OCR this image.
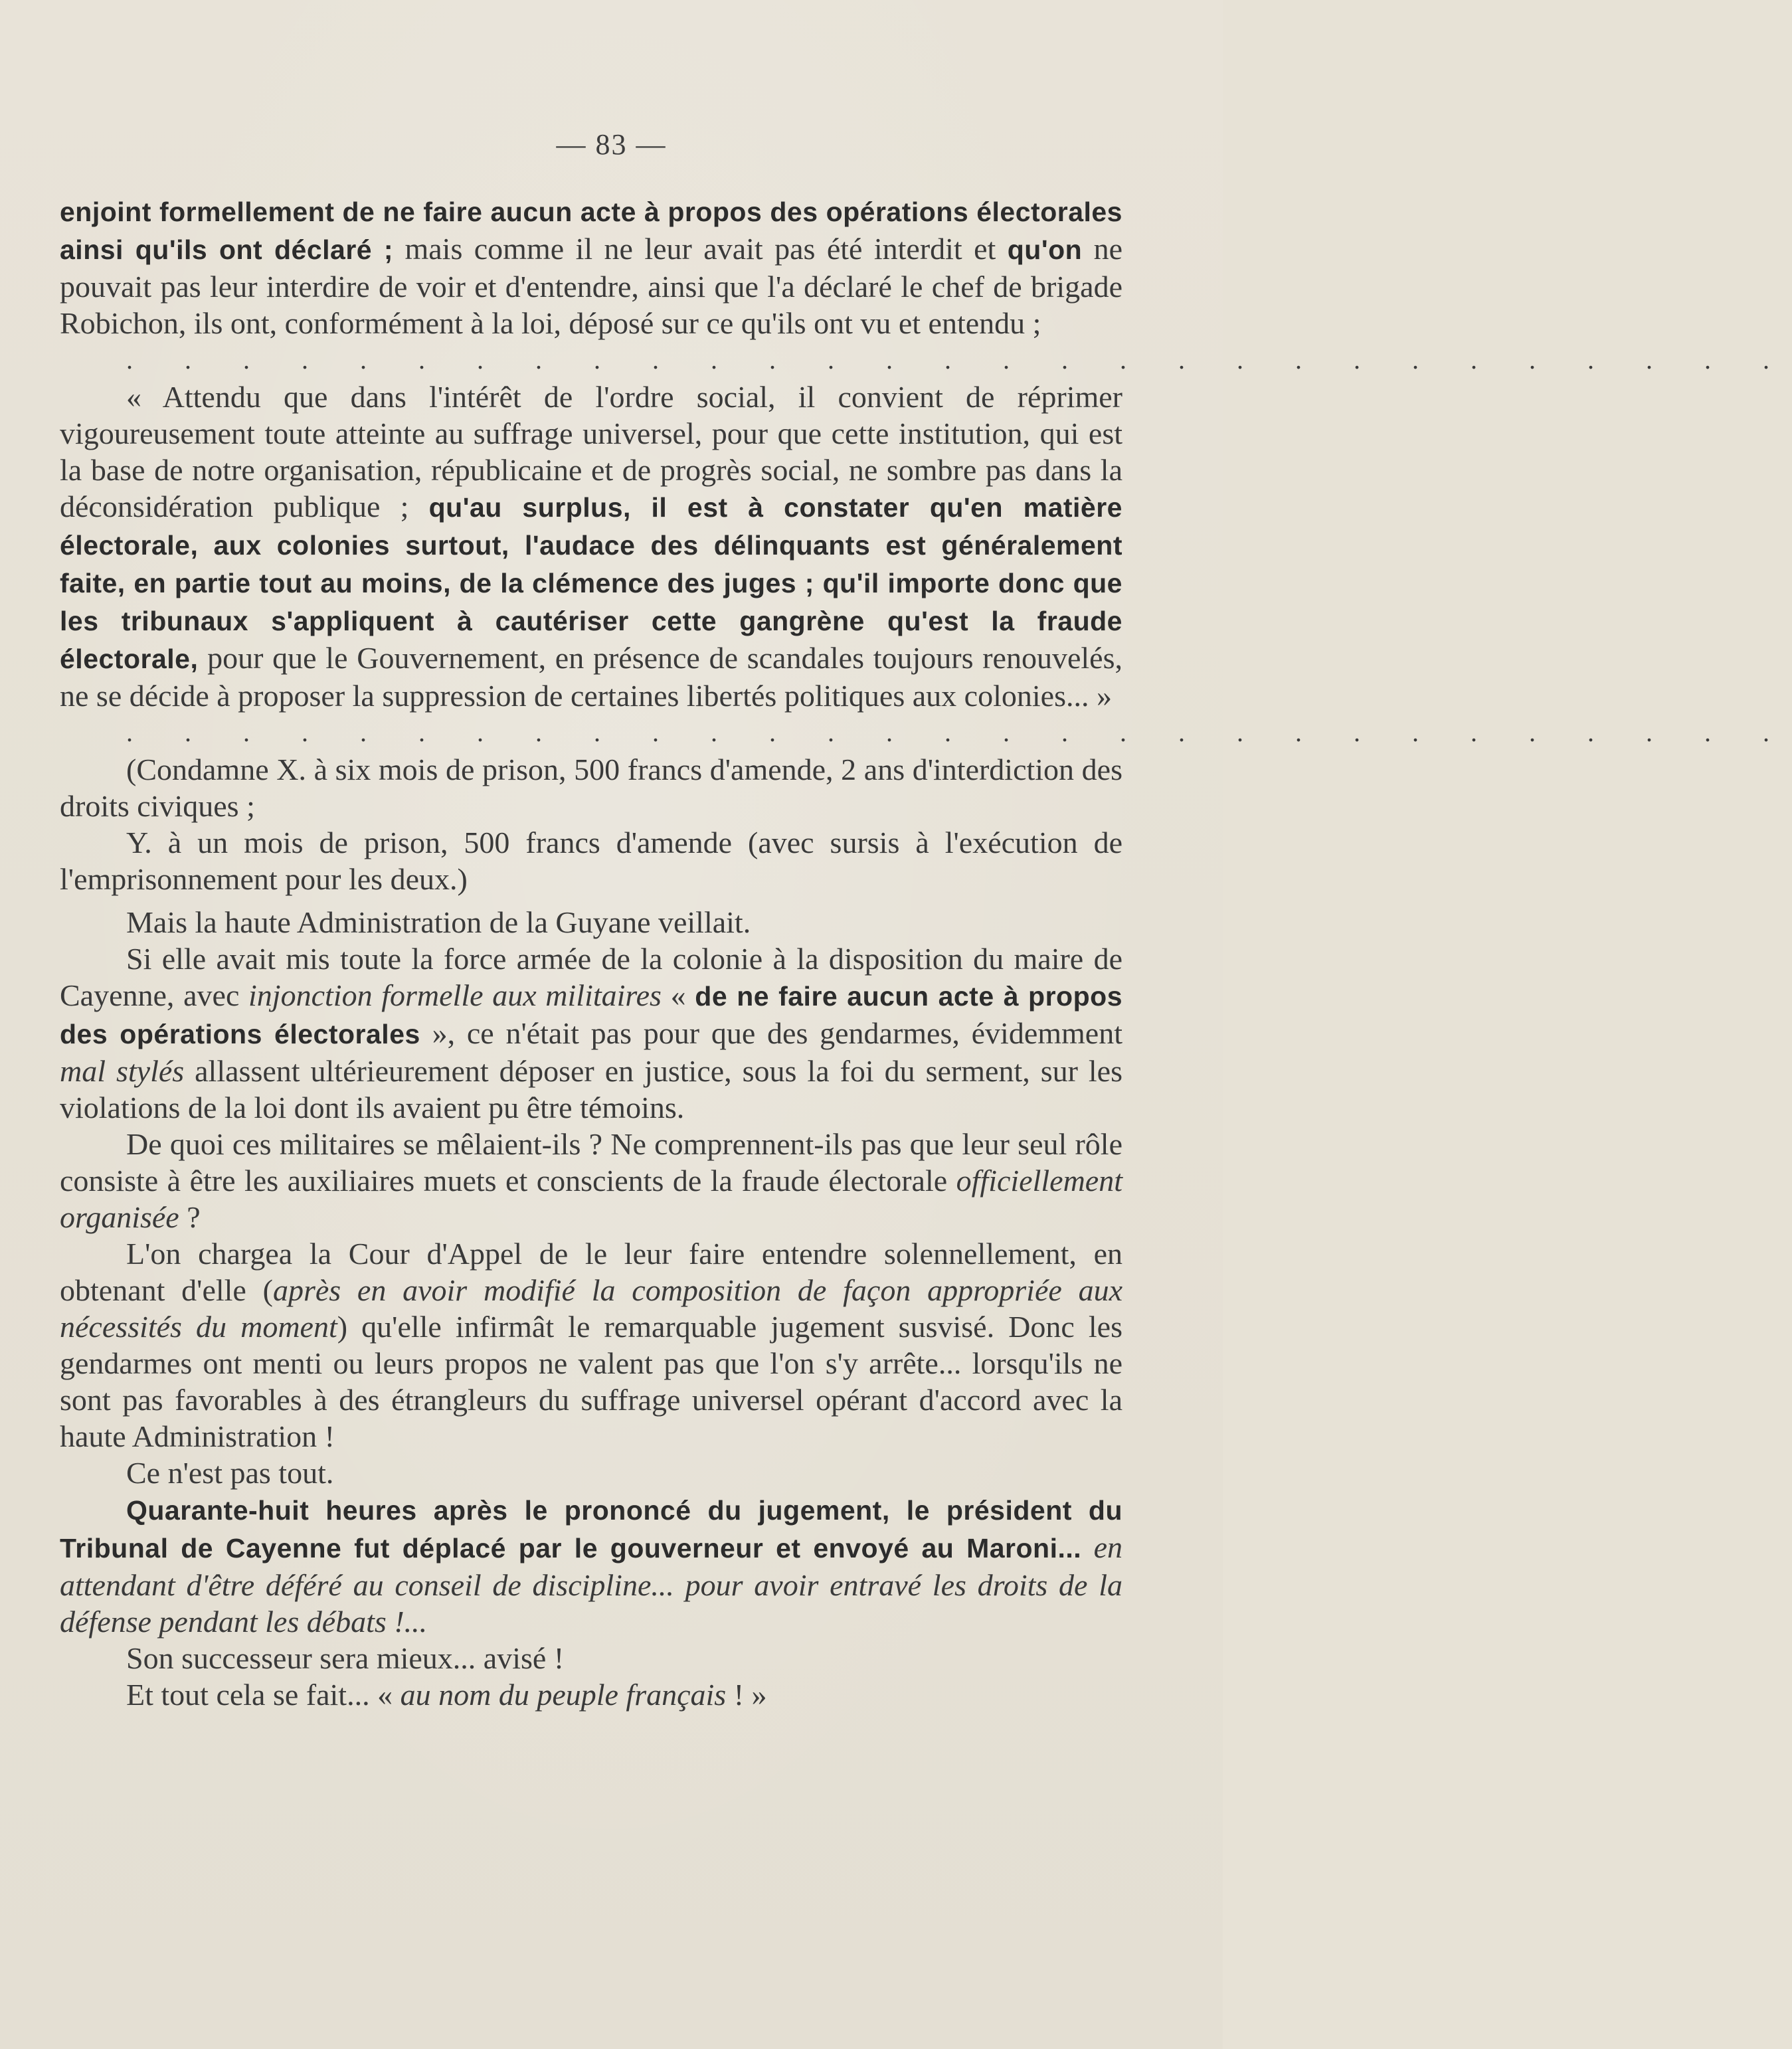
— 83 —

enjoint formellement de ne faire aucun acte à propos des opérations électorales ainsi qu'ils ont déclaré ; mais comme il ne leur avait pas été interdit et qu'on ne pouvait pas leur interdire de voir et d'entendre, ainsi que l'a déclaré le chef de brigade Robichon, ils ont, conformément à la loi, déposé sur ce qu'ils ont vu et entendu ;

. . . . . . . . . . . . . . . . . . . . . . . . . . . . .

« Attendu que dans l'intérêt de l'ordre social, il convient de réprimer vigoureusement toute atteinte au suffrage universel, pour que cette institution, qui est la base de notre organisation, républicaine et de progrès social, ne sombre pas dans la déconsidération publique ; qu'au surplus, il est à constater qu'en matière électorale, aux colonies surtout, l'audace des délinquants est généralement faite, en partie tout au moins, de la clémence des juges ; qu'il importe donc que les tribunaux s'appliquent à cautériser cette gangrène qu'est la fraude électorale, pour que le Gouvernement, en présence de scandales toujours renouvelés, ne se décide à proposer la suppression de certaines libertés politiques aux colonies... »

. . . . . . . . . . . . . . . . . . . . . . . . . . . . .

(Condamne X. à six mois de prison, 500 francs d'amende, 2 ans d'interdiction des droits civiques ;

Y. à un mois de prison, 500 francs d'amende (avec sursis à l'exécution de l'emprisonnement pour les deux.)

Mais la haute Administration de la Guyane veillait.

Si elle avait mis toute la force armée de la colonie à la disposition du maire de Cayenne, avec injonction formelle aux militaires « de ne faire aucun acte à propos des opérations électorales », ce n'était pas pour que des gendarmes, évidemment mal stylés allassent ultérieurement déposer en justice, sous la foi du serment, sur les violations de la loi dont ils avaient pu être témoins.

De quoi ces militaires se mêlaient-ils ? Ne comprennent-ils pas que leur seul rôle consiste à être les auxiliaires muets et conscients de la fraude électorale officiellement organisée ?

L'on chargea la Cour d'Appel de le leur faire entendre solennellement, en obtenant d'elle (après en avoir modifié la composition de façon appropriée aux nécessités du moment) qu'elle infirmât le remarquable jugement susvisé. Donc les gendarmes ont menti ou leurs propos ne valent pas que l'on s'y arrête... lorsqu'ils ne sont pas favorables à des étrangleurs du suffrage universel opérant d'accord avec la haute Administration !

Ce n'est pas tout.

Quarante-huit heures après le prononcé du jugement, le président du Tribunal de Cayenne fut déplacé par le gouverneur et envoyé au Maroni... en attendant d'être déféré au conseil de discipline... pour avoir entravé les droits de la défense pendant les débats !...

Son successeur sera mieux... avisé !

Et tout cela se fait... « au nom du peuple français ! »
